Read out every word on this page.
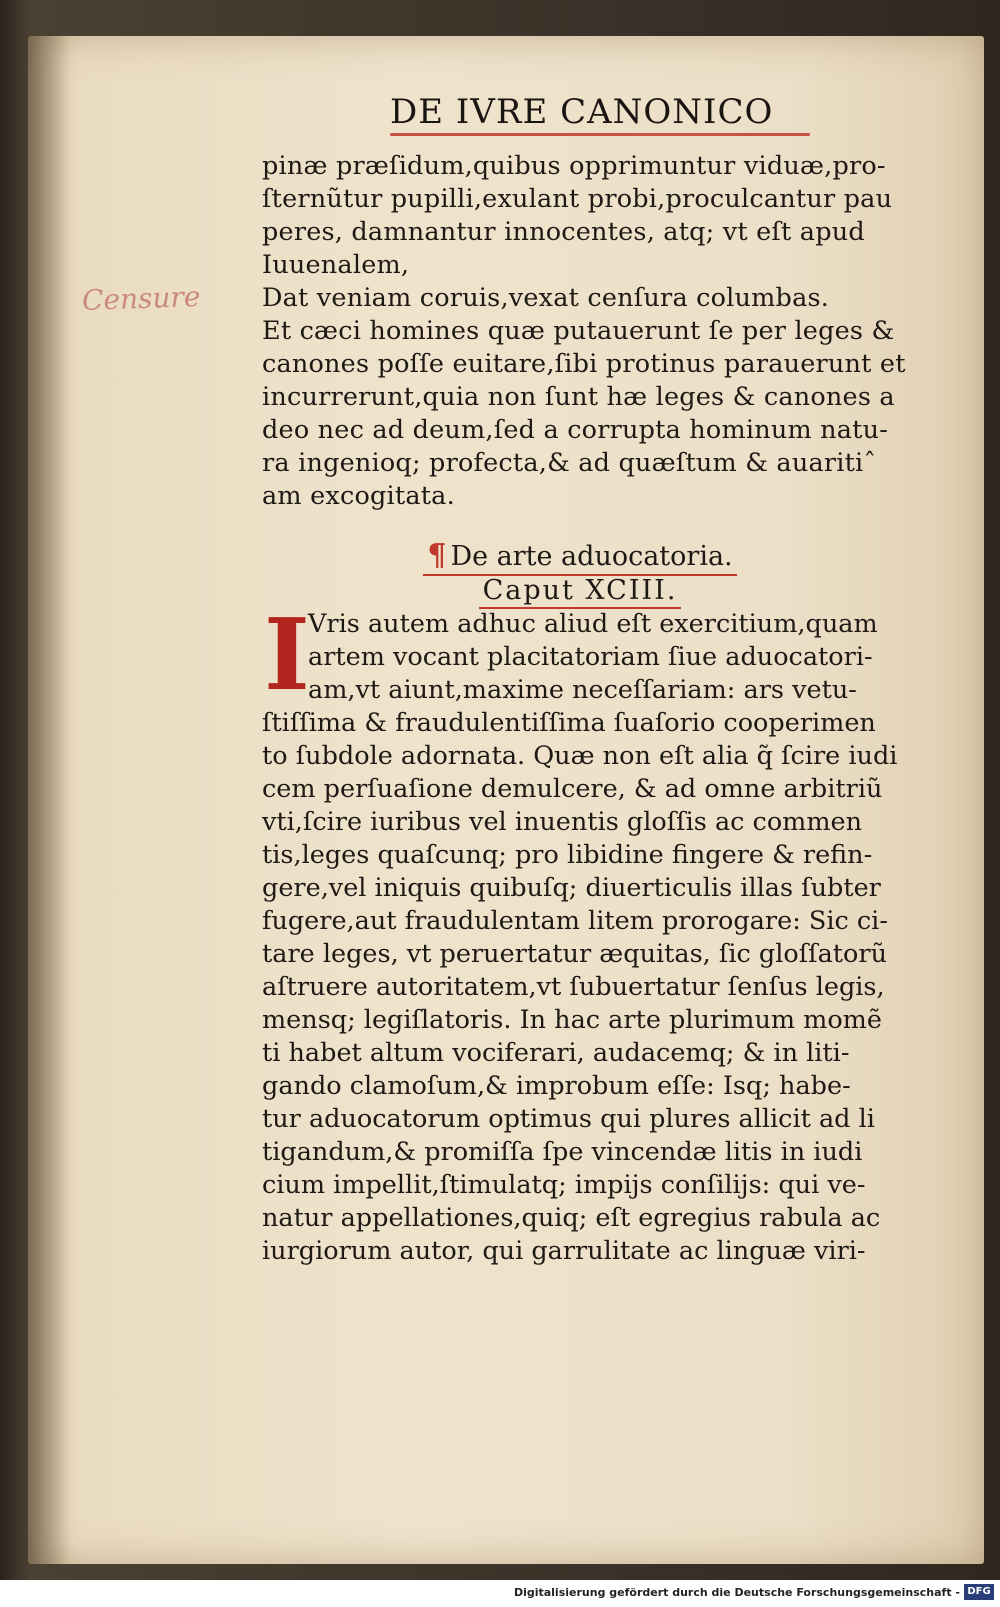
DE IVRE CANONICO
Censure
pinæ præſidum,quibus opprimuntur viduæ,pro-
ſternũtur pupilli,exulant probi,proculcantur pau
peres, damnantur innocentes, atq; vt eſt apud
Iuuenalem,
Dat veniam coruis,vexat cenſura columbas.
Et cæci homines quæ putauerunt ſe per leges &
canones poſſe euitare,ſibi protinus parauerunt et
incurrerunt,quia non ſunt hæ leges & canones a
deo nec ad deum,ſed a corrupta hominum natu-
ra ingenioq; profecta,& ad quæſtum & auaritiˆ
am excogitata.
¶ De arte aduocatoria.

Caput XCIII.
I
Vris autem adhuc aliud eſt exercitium,quam
artem vocant placitatoriam ſiue aduocatori-
am,vt aiunt,maxime neceſſariam: ars vetu-
ſtiſſima & fraudulentiſſima ſuaſorio cooperimen
to ſubdole adornata. Quæ non eſt alia q̃ ſcire iudi
cem perſuaſione demulcere, & ad omne arbitriũ
vti,ſcire iuribus vel inuentis gloſſis ac commen
tis,leges quaſcunq; pro libidine fingere & refin-
gere,vel iniquis quibuſq; diuerticulis illas ſubter
fugere,aut fraudulentam litem prorogare: Sic ci-
tare leges, vt peruertatur æquitas, ſic gloſſatorũ
aſtruere autoritatem,vt ſubuertatur ſenſus legis,
mensq; legiſlatoris. In hac arte plurimum momẽ
ti habet altum vociferari, audacemq; & in liti-
gando clamoſum,& improbum eſſe: Isq; habe-
tur aduocatorum optimus qui plures allicit ad li
tigandum,& promiſſa ſpe vincendæ litis in iudi
cium impellit,ſtimulatq; impijs conſilijs: qui ve-
natur appellationes,quiq; eſt egregius rabula ac
iurgiorum autor, qui garrulitate ac linguæ viri-
Digitalisierung gefördert durch die Deutsche Forschungsgemeinschaft - DFG
